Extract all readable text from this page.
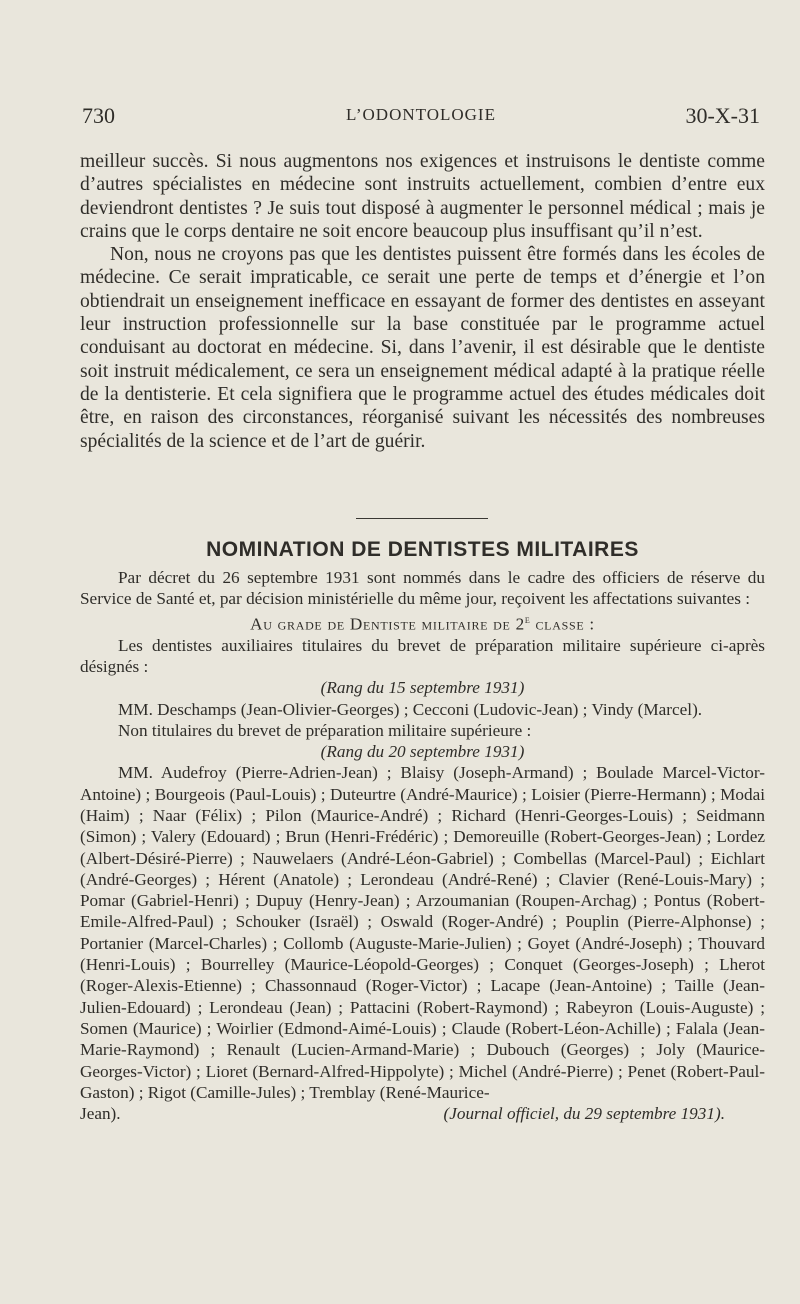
730	L’ODONTOLOGIE	30-X-31

meilleur succès. Si nous augmentons nos exigences et instruisons le dentiste comme d’autres spécialistes en médecine sont instruits actuellement, combien d’entre eux deviendront dentistes ? Je suis tout disposé à augmenter le personnel médical ; mais je crains que le corps dentaire ne soit encore beaucoup plus insuffisant qu’il n’est.

Non, nous ne croyons pas que les dentistes puissent être formés dans les écoles de médecine. Ce serait impraticable, ce serait une perte de temps et d’énergie et l’on obtiendrait un enseignement inefficace en essayant de former des dentistes en asseyant leur instruction professionnelle sur la base constituée par le programme actuel conduisant au doctorat en médecine. Si, dans l’avenir, il est désirable que le dentiste soit instruit médicalement, ce sera un enseignement médical adapté à la pratique réelle de la dentisterie. Et cela signifiera que le programme actuel des études médicales doit être, en raison des circonstances, réorganisé suivant les nécessités des nombreuses spécialités de la science et de l’art de guérir.

NOMINATION DE DENTISTES MILITAIRES

Par décret du 26 septembre 1931 sont nommés dans le cadre des officiers de réserve du Service de Santé et, par décision ministérielle du même jour, reçoivent les affectations suivantes :

Au grade de Dentiste militaire de 2e classe :

Les dentistes auxiliaires titulaires du brevet de préparation militaire supérieure ci-après désignés :

(Rang du 15 septembre 1931)

MM. Deschamps (Jean-Olivier-Georges) ; Cecconi (Ludovic-Jean) ; Vindy (Marcel).

Non titulaires du brevet de préparation militaire supérieure :

(Rang du 20 septembre 1931)

MM. Audefroy (Pierre-Adrien-Jean) ; Blaisy (Joseph-Armand) ; Boulade Marcel-Victor-Antoine) ; Bourgeois (Paul-Louis) ; Duteurtre (André-Maurice) ; Loisier (Pierre-Hermann) ; Modai (Haim) ; Naar (Félix) ; Pilon (Maurice-André) ; Richard (Henri-Georges-Louis) ; Seidmann (Simon) ; Valery (Edouard) ; Brun (Henri-Frédéric) ; Demoreuille (Robert-Georges-Jean) ; Lordez (Albert-Désiré-Pierre) ; Nauwelaers (André-Léon-Gabriel) ; Combellas (Marcel-Paul) ; Eichlart (André-Georges) ; Hérent (Anatole) ; Lerondeau (André-René) ; Clavier (René-Louis-Mary) ; Pomar (Gabriel-Henri) ; Dupuy (Henry-Jean) ; Arzoumanian (Roupen-Archag) ; Pontus (Robert-Emile-Alfred-Paul) ; Schouker (Israël) ; Oswald (Roger-André) ; Pouplin (Pierre-Alphonse) ; Portanier (Marcel-Charles) ; Collomb (Auguste-Marie-Julien) ; Goyet (André-Joseph) ; Thouvard (Henri-Louis) ; Bourrelley (Maurice-Léopold-Georges) ; Conquet (Georges-Joseph) ; Lherot (Roger-Alexis-Etienne) ; Chassonnaud (Roger-Victor) ; Lacape (Jean-Antoine) ; Taille (Jean-Julien-Edouard) ; Lerondeau (Jean) ; Pattacini (Robert-Raymond) ; Rabeyron (Louis-Auguste) ; Somen (Maurice) ; Woirlier (Edmond-Aimé-Louis) ; Claude (Robert-Léon-Achille) ; Falala (Jean-Marie-Raymond) ; Renault (Lucien-Armand-Marie) ; Dubouch (Georges) ; Joly (Maurice-Georges-Victor) ; Lioret (Bernard-Alfred-Hippolyte) ; Michel (André-Pierre) ; Penet (Robert-Paul-Gaston) ; Rigot (Camille-Jules) ; Tremblay (René-Maurice-

Jean).	(Journal officiel, du 29 septembre 1931).
